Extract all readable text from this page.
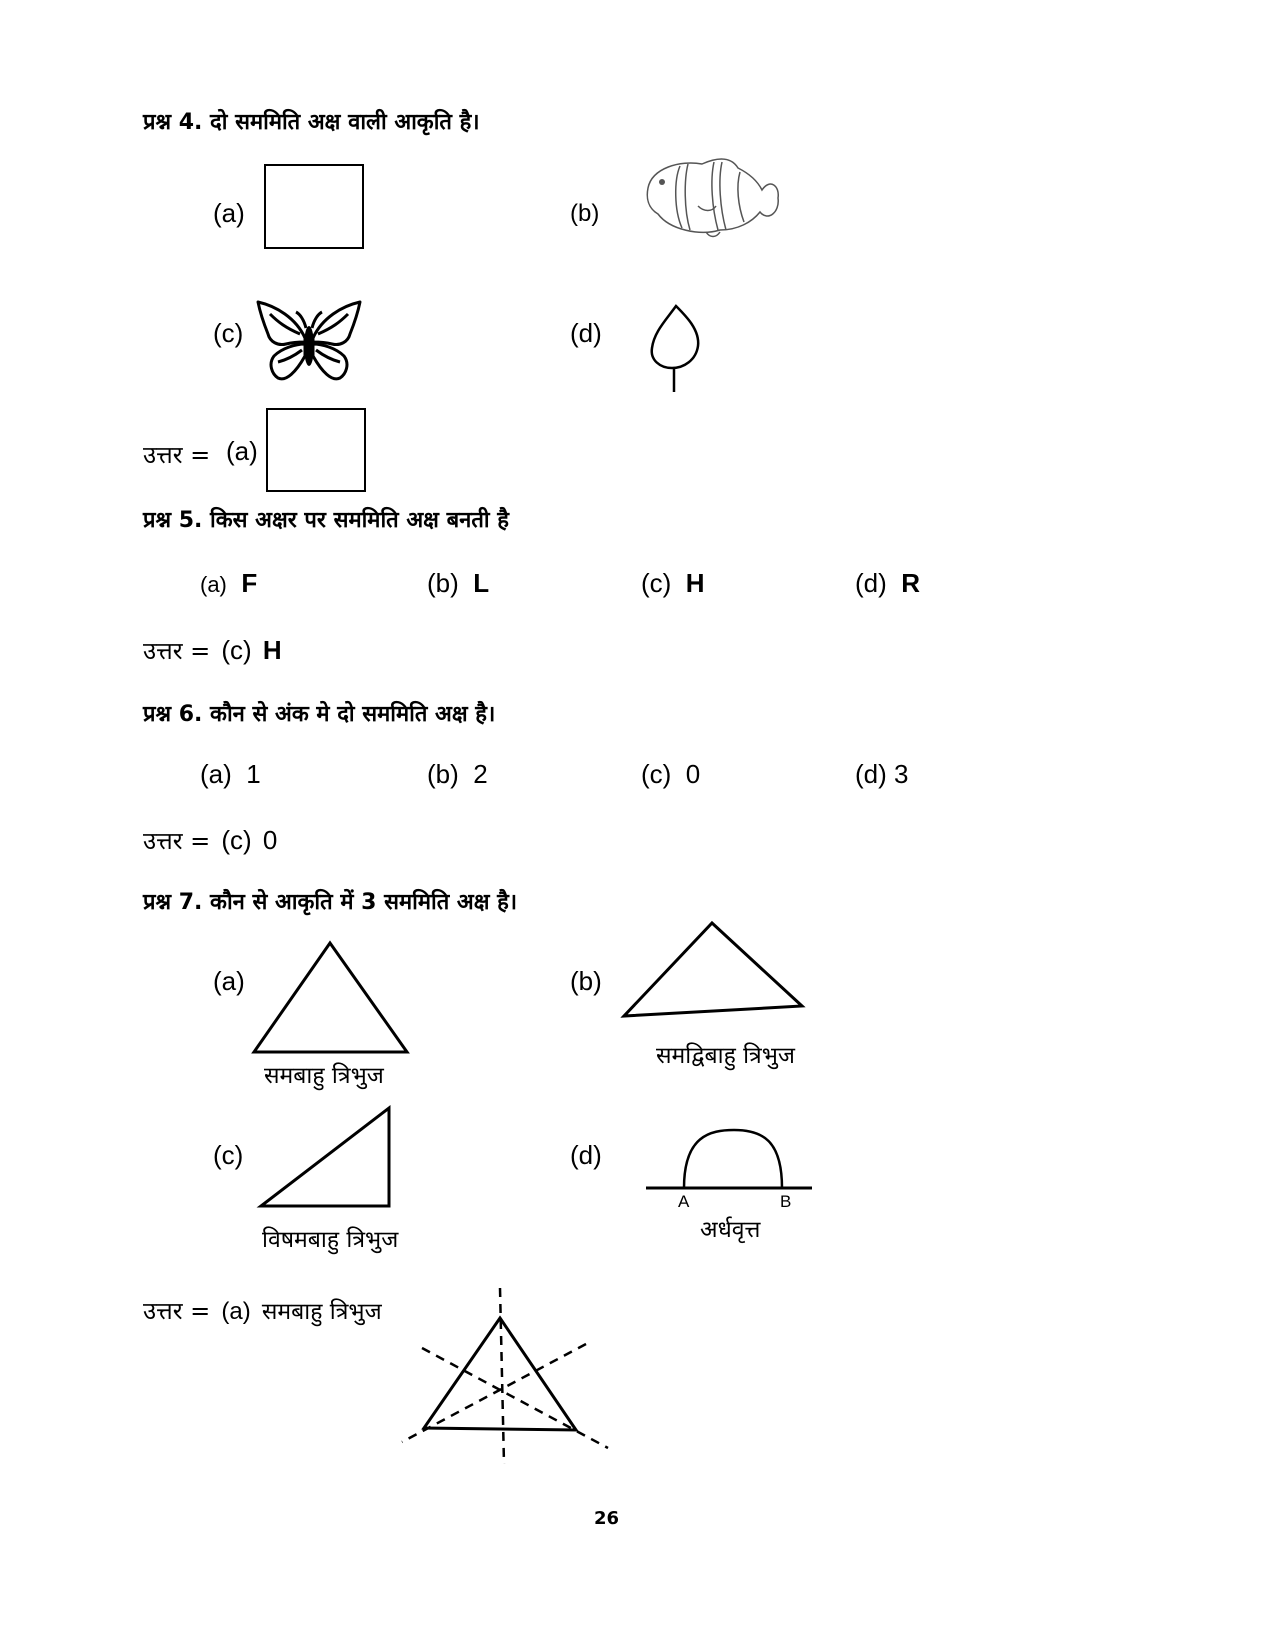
प्रश्न 4. दो सममिति अक्ष वाली आकृति है।
(a)	(b)
(c)	(d)
उत्तर = (a)
प्रश्न 5. किस अक्षर पर सममिति अक्ष बनती है
(a) F	(b) L	(c) H	(d) R
उत्तर = (c) H
प्रश्न 6. कौन से अंक मे दो सममिति अक्ष है।
(a) 1	(b) 2	(c) 0	(d) 3
उत्तर = (c) 0
प्रश्न 7. कौन से आकृति में 3 सममिति अक्ष है।
(a)
समबाहु त्रिभुज
(b)
समद्विबाहु त्रिभुज
(c)
विषमबाहु त्रिभुज
(d)
A	B
अर्धवृत्त
उत्तर = (a) समबाहु त्रिभुज
26
